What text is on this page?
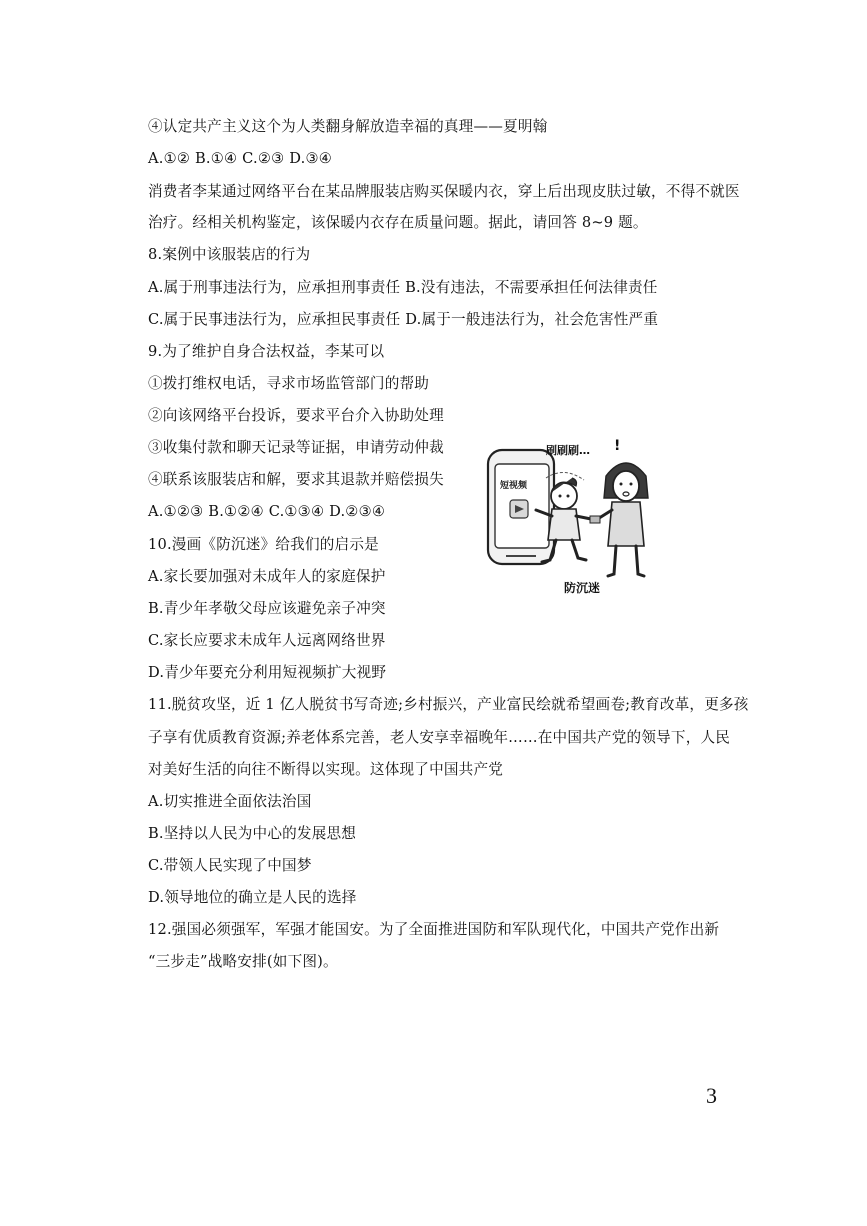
④认定共产主义这个为人类翻身解放造幸福的真理——夏明翰
A.①② B.①④ C.②③ D.③④
消费者李某通过网络平台在某品牌服装店购买保暖内衣，穿上后出现皮肤过敏，不得不就医
治疗。经相关机构鉴定，该保暖内衣存在质量问题。据此，请回答 8~9 题。
8.案例中该服装店的行为
A.属于刑事违法行为，应承担刑事责任 B.没有违法，不需要承担任何法律责任
C.属于民事违法行为，应承担民事责任 D.属于一般违法行为，社会危害性严重
9.为了维护自身合法权益，李某可以
①拨打维权电话，寻求市场监管部门的帮助
②向该网络平台投诉，要求平台介入协助处理
③收集付款和聊天记录等证据，申请劳动仲裁
④联系该服装店和解，要求其退款并赔偿损失
A.①②③ B.①②④ C.①③④ D.②③④
10.漫画《防沉迷》给我们的启示是
A.家长要加强对未成年人的家庭保护
B.青少年孝敬父母应该避免亲子冲突
C.家长应要求未成年人远离网络世界
D.青少年要充分利用短视频扩大视野
11.脱贫攻坚，近 1 亿人脱贫书写奇迹;乡村振兴，产业富民绘就希望画卷;教育改革，更多孩
子享有优质教育资源;养老体系完善，老人安享幸福晚年……在中国共产党的领导下，人民
对美好生活的向往不断得以实现。这体现了中国共产党
A.切实推进全面依法治国
B.坚持以人民为中心的发展思想
C.带领人民实现了中国梦
D.领导地位的确立是人民的选择
12.强国必须强军，军强才能国安。为了全面推进国防和军队现代化，中国共产党作出新
“三步走”战略安排(如下图)。
短视频
刷刷刷… !
防沉迷
3
